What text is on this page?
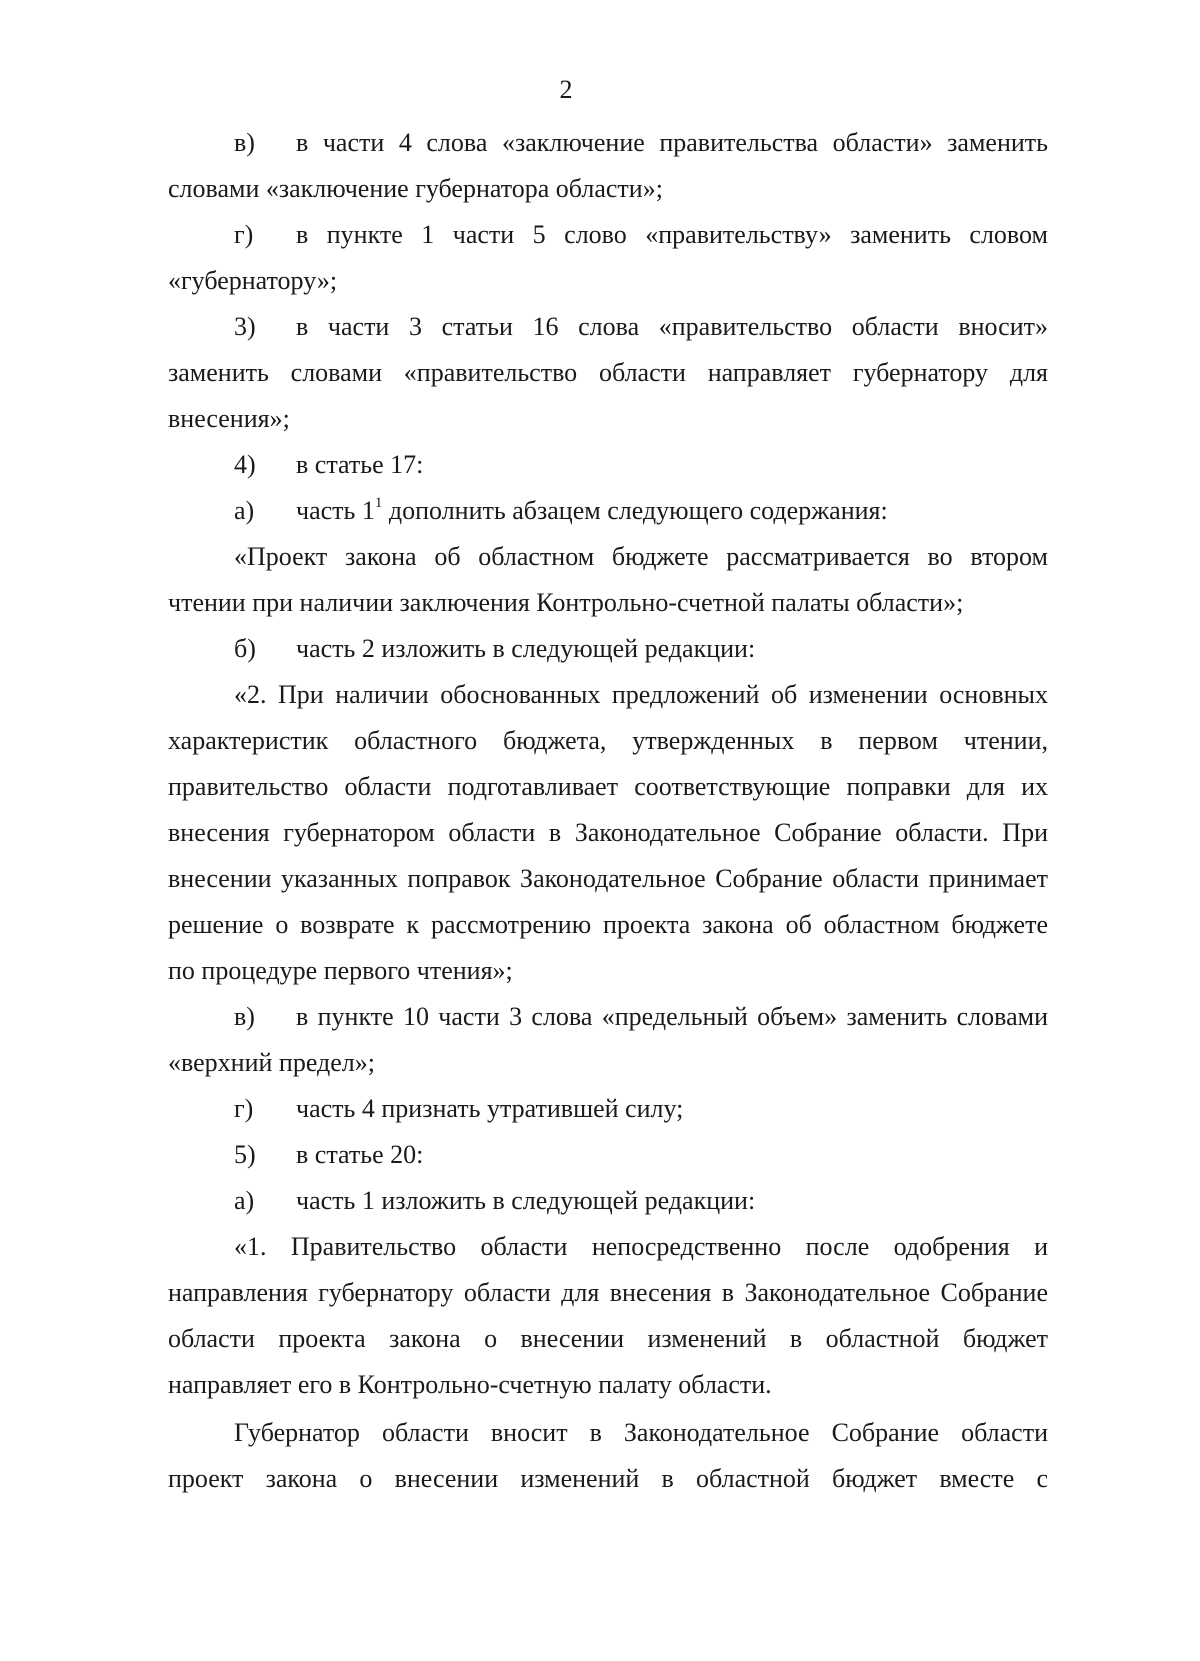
2
в)	в части 4 слова «заключение правительства области» заменить
словами «заключение губернатора области»;
г)	в пункте 1 части 5 слово «правительству» заменить словом
«губернатору»;
3)	в части 3 статьи 16 слова «правительство области вносит»
заменить словами «правительство области направляет губернатору для
внесения»;
4)	в статье 17:
а)	часть $1^1$ дополнить абзацем следующего содержания:
«Проект закона об областном бюджете рассматривается во втором
чтении при наличии заключения Контрольно-счетной палаты области»;
б)	часть 2 изложить в следующей редакции:
«2. При наличии обоснованных предложений об изменении основных
характеристик областного бюджета, утвержденных в первом чтении,
правительство области подготавливает соответствующие поправки для их
внесения губернатором области в Законодательное Собрание области. При
внесении указанных поправок Законодательное Собрание области принимает
решение о возврате к рассмотрению проекта закона об областном бюджете
по процедуре первого чтения»;
в)	в пункте 10 части 3 слова «предельный объем» заменить словами
«верхний предел»;
г)	часть 4 признать утратившей силу;
5)	в статье 20:
а)	часть 1 изложить в следующей редакции:
«1. Правительство области непосредственно после одобрения и
направления губернатору области для внесения в Законодательное Собрание
области проекта закона о внесении изменений в областной бюджет
направляет его в Контрольно-счетную палату области.
Губернатор области вносит в Законодательное Собрание области
проект закона о внесении изменений в областной бюджет вместе с
